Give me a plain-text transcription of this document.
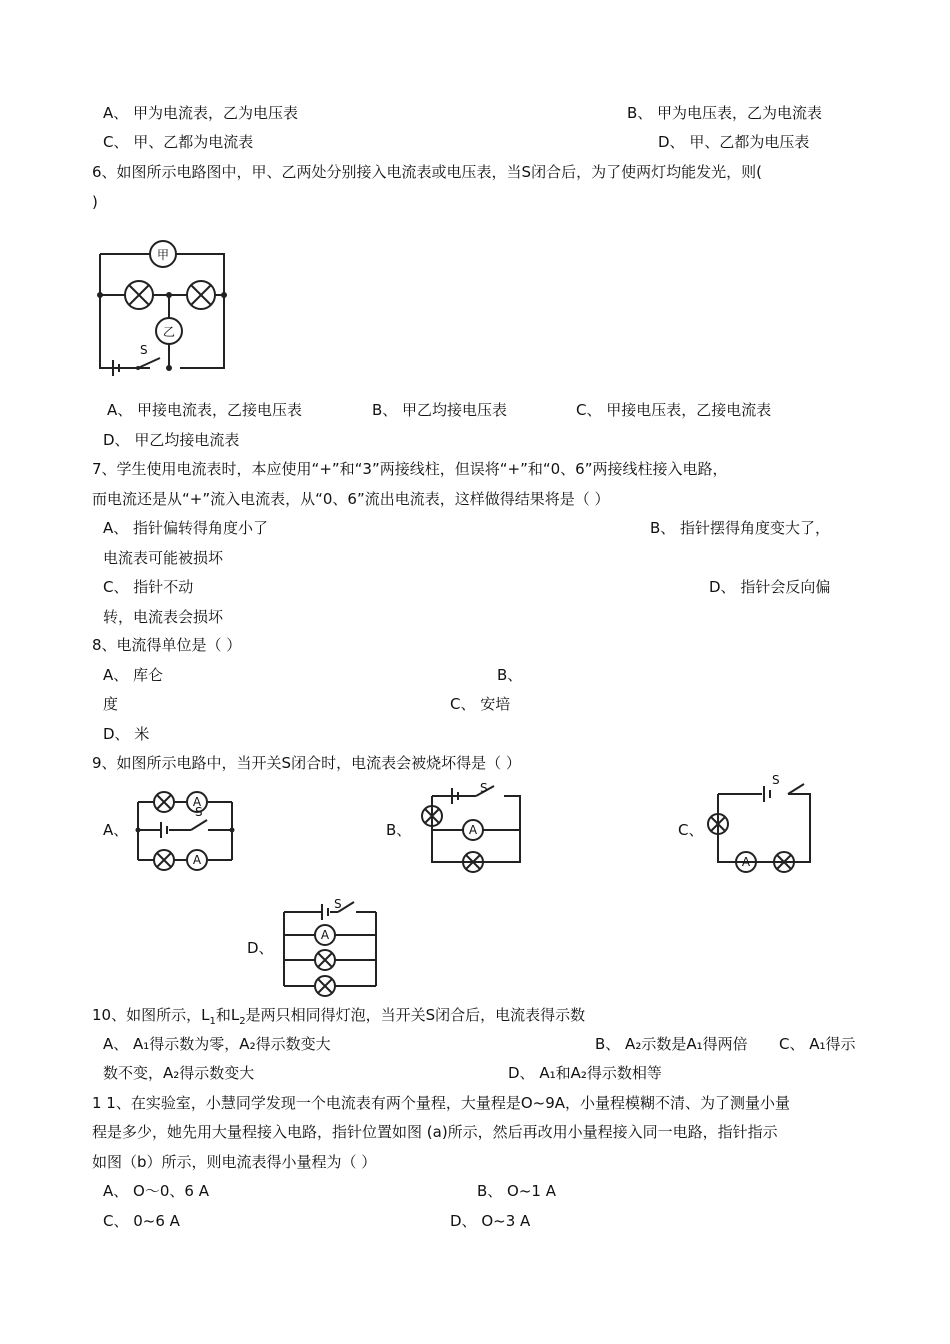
A、 甲为电流表，乙为电压表	B、 甲为电压表，乙为电流表
C、 甲、乙都为电流表	D、 甲、乙都为电压表
6、如图所示电路图中，甲、乙两处分别接入电流表或电压表，当S闭合后，为了使两灯均能发光，则(
)
甲
乙
S
A、 甲接电流表，乙接电压表	B、 甲乙均接电压表	C、 甲接电压表，乙接电流表
D、 甲乙均接电流表
7、学生使用电流表时，本应使用“+”和“3”两接线柱，但误将“+”和“0、6”两接线柱接入电路，
而电流还是从“+”流入电流表，从“0、6”流出电流表，这样做得结果将是（ ）
A、 指针偏转得角度小了	B、 指针摆得角度变大了，
电流表可能被损坏
C、 指针不动	D、 指针会反向偏
转，电流表会损坏
8、电流得单位是（ ）
A、 库仑	B、
度	C、 安培
D、 米
9、如图所示电路中，当开关S闭合时，电流表会被烧坏得是（ ）
A、
A
S
A
B、
S
A	C、
S
A
D、
S
A
10、如图所示，$L_1$和$L_2$是两只相同得灯泡，当开关S闭合后，电流表得示数
A、 A₁得示数为零，A₂得示数变大	B、 A₂示数是A₁得两倍 C、 A₁得示
数不变，A₂得示数变大	D、 A₁和A₂得示数相等
1 1、在实验室，小慧同学发现一个电流表有两个量程，大量程是O~9A，小量程模糊不清、为了测量小量
程是多少，她先用大量程接入电路，指针位置如图 (a)所示，然后再改用小量程接入同一电路，指针指示
如图（b）所示，则电流表得小量程为（ ）
A、 O～0、6 A	B、 O~1 A
C、 0~6 A	D、 O~3 A
